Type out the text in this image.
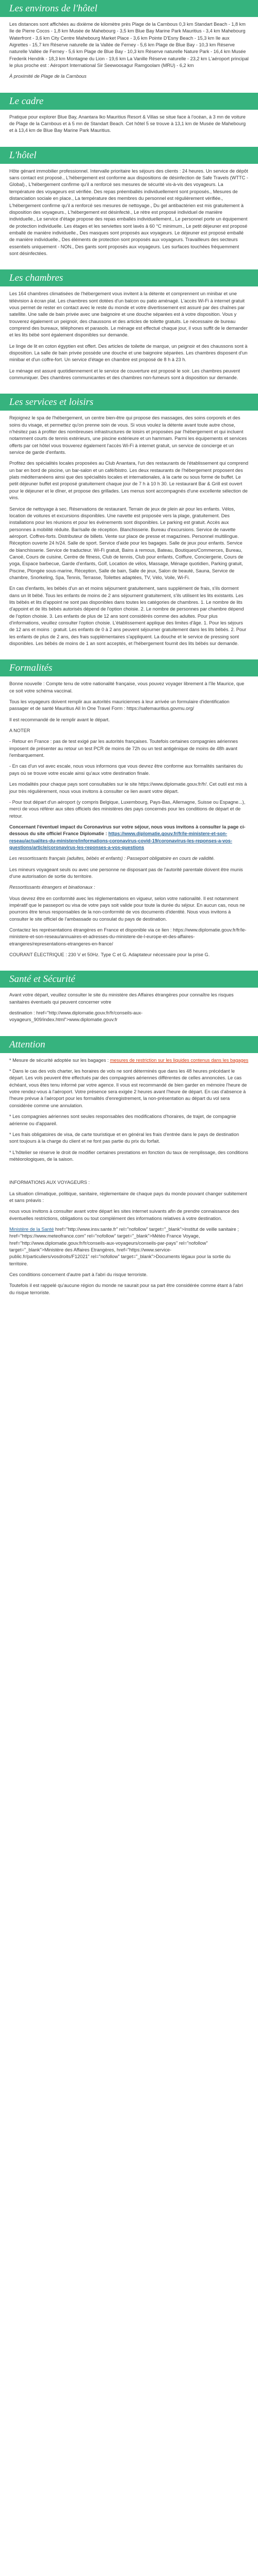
Les environs de l'hôtel

Les distances sont affichées au dixième de kilomètre près Plage de la Carnbous 0,3 km Standart Beach - 1,8 km Ile de Pierre Cocos - 1,8 km Musée de Mahebourg - 3,5 km Blue Bay Marine Park Mauritius - 3,4 km Mahebourg Waterfront - 3,6 km City Centre Mahebourg Market Place - 3,6 km Pointe D'Esny Beach - 15,3 km Ile aux Aigrettes - 15,7 km Réserve naturelle de la Vallée de Ferney - 5,6 km Plage de Blue Bay - 10,3 km Réserve naturelle Vallée de Ferney - 5,6 km Plage de Blue Bay - 10,3 km Réserve naturelle Nature Park - 16,4 km Musée Frederik Hendrik - 18,3 km Montagne du Lion - 19,6 km La Vanille Réserve naturelle - 23,2 km L'aéroport principal le plus proche est : Aéroport International Sir Seewoosagur Ramgoolam (MRU) - 6,2 km

À proximité de Plage de la Carnbous

Le cadre

Pratique pour explorer Blue Bay, Anantara Iko Mauritius Resort & Villas se situe face à l'océan, à 3 mn de voiture de Plage de la Carnbous et à 5 mn de Standart Beach. Cet hôtel 5 se trouve à 13,1 km de Musée de Mahebourg et à 13,4 km de Blue Bay Marine Park Mauritius.

L'hôtel

Hôte génant immobilier professionnel. Intervalle prioritaire les séjours des clients : 24 heures. Un service de dépôt sans contact est proposé., L'hébergement est conforme aux dispositions de désinfection de Safe Travels (WTTC - Global)., L'hébergement confirme qu'il a renforcé ses mesures de sécurité vis-à-vis des voyageurs. La température des voyageurs est vérifiée. Des repas préemballés individuellement sont proposés., Mesures de distanciation sociale en place., La température des membres du personnel est régulièrement vérifiée., L'hébergement confirme qu'il a renforcé ses mesures de nettoyage., Du gel antibactérien est mis gratuitement à disposition des voyageurs., L'hébergement est désinfecté., Le rétre est proposé individuel de manière individuelle., Le service d'étage propose des repas emballés individuellement., Le personnel porte un équipement de protection individuelle. Les étages et les serviettes sont lavés à 60 °C minimum., Le petit déjeuner est proposé emballé de manière individuelle., Des masques sont proposés aux voyageurs. Le déjeuner est proposé emballé de manière individuelle., Des éléments de protection sont proposés aux voyageurs. Travailleurs des secteurs essentiels uniquement - NON., Des gants sont proposés aux voyageurs. Les surfaces touchées fréquemment sont désinfectées.

Les chambres

Les 164 chambres climatisées de l'hébergement vous invitent à la détente et comprennent un minibar et une télévision à écran plat. Les chambres sont dotées d'un balcon ou patio aménagé. L'accès Wi-Fi à internet gratuit vous permet de rester en contact avec le reste du monde et votre divertissement est assuré par des chaînes par satellite. Une salle de bain privée avec une baignoire et une douche séparées est à votre disposition. Vous y trouverez également un peignoir, des chaussons et des articles de toilette gratuits. Le nécessaire de bureau comprend des bureaux, téléphones et parasols. Le ménage est effectué chaque jour, il vous suffit de le demander et les lits bébé sont également disponibles sur demande.

Le linge de lit en coton égyptien est offert. Des articles de toilette de marque, un peignoir et des chaussons sont à disposition. La salle de bain privée possède une douche et une baignoire séparées. Les chambres disposent d'un minibar et d'un coffre-fort. Un service d'étage en chambre est proposé de 8 h à 23 h.

Le ménage est assuré quotidiennement et le service de couverture est proposé le soir. Les chambres peuvent communiquer. Des chambres communicantes et des chambres non-fumeurs sont à disposition sur demande.

Les services et loisirs

Rejoignez le spa de l'hébergement, un centre bien-être qui propose des massages, des soins corporels et des soins du visage, et permettez qu'on prenne soin de vous. Si vous voulez la détente avant toute autre chose, n'hésitez pas à profiter des nombreuses infrastructures de loisirs et proposées par l'hébergement et qui incluent notamment courts de tennis extérieurs, une piscine extérieure et un hammam. Parmi les équipements et services offerts par cet hôtel vous trouverez également l'accès Wi-Fi à internet gratuit, un service de concierge et un service de garde d'enfants.

Profitez des spécialités locales proposées au Club Anantara, l'un des restaurants de l'établissement qui comprend un bar en bord de piscine, un bar-salon et un café/bistro. Les deux restaurants de l'hébergement proposent des plats méditerranéens ainsi que des spécialités locales et internationales, à la carte ou sous forme de buffet. Le petit déjeuner buffet est proposé gratuitement chaque jour de 7 h à 10 h 30. Le restaurant Bar & Grill est ouvert pour le déjeuner et le dîner, et propose des grillades. Les menus sont accompagnés d'une excellente sélection de vins.

Service de nettoyage à sec. Réservations de restaurant. Terrain de jeux de plein air pour les enfants. Vélos, location de voitures et excursions disponibles. Une navette est proposée vers la plage, gratuitement. Des installations pour les réunions et pour les événements sont disponibles. Le parking est gratuit. Accès aux personnes à mobilité réduite. Bar/salle de réception. Blanchisserie. Bureau d'excursions. Service de navette aéroport. Coffres-forts. Distributeur de billets. Vente sur place de presse et magazines. Personnel multilingue. Réception ouverte 24 h/24. Salle de sport. Service d'aide pour les bagages. Salle de jeux pour enfants. Service de blanchisserie. Service de traducteur. Wi-Fi gratuit, Bains à remous, Bateau, Boutiques/Commerces, Bureau, Canoë, Cours de cuisine, Centre de fitness, Club de tennis, Club pour enfants, Coiffure, Conciergerie, Cours de yoga, Espace barbecue, Garde d'enfants, Golf, Location de vélos, Massage, Ménage quotidien, Parking gratuit, Piscine, Plongée sous-marine, Réception, Salle de bain, Salle de jeux, Salon de beauté, Sauna, Service de chambre, Snorkeling, Spa, Tennis, Terrasse, Toilettes adaptées, TV, Vélo, Voile, Wi-Fi.

En cas d'enfants, les bébés d'un an et moins séjournent gratuitement, sans supplément de frais, s'ils dorment dans un lit bébé. Tous les enfants de moins de 2 ans séjournent gratuitement, s'ils utilisent les lits existants. Les lits bébés et lits d'appoint ne sont pas disponibles dans toutes les catégories de chambres. 1. Le nombre de lits d'appoint et de lits bébés autorisés dépend de l'option choisie. 2. Le nombre de personnes par chambre dépend de l'option choisie. 3. Les enfants de plus de 12 ans sont considérés comme des adultes. Pour plus d'informations, veuillez consulter l'option choisie. L'établissement applique des limites d'âge. 1. Pour les séjours de 12 ans et moins : gratuit. Les enfants de 0 à 2 ans peuvent séjourner gratuitement dans les lits bébés. 2. Pour les enfants de plus de 2 ans, des frais supplémentaires s'appliquent. La douche et le service de pressing sont disponibles. Les bébés de moins de 1 an sont acceptés, et l'hébergement fournit des lits bébés sur demande.

Formalités

Bonne nouvelle : Compte tenu de votre nationalité française, vous pouvez voyager librement à l'île Maurice, que ce soit votre schéma vaccinal.

Tous les voyageurs doivent remplir aux autorités mauriciennes à leur arrivée un formulaire d'identification passager et de santé Mauritius All In One Travel Form : https://safemauritius.govmu.org/

Il est recommandé de le remplir avant le départ.

A NOTER

- Retour en France : pas de test exigé par les autorités françaises. Toutefois certaines compagnies aériennes imposent de présenter au retour un test PCR de moins de 72h ou un test antigénique de moins de 48h avant l'embarquement.

- En cas d'un vol avec escale, nous vous informons que vous devrez être conforme aux formalités sanitaires du pays où se trouve votre escale ainsi qu'aux votre destination finale.

Les modalités pour chaque pays sont consultables sur le site https://www.diplomatie.gouv.fr/fr/. Cet outil est mis à jour très régulièrement, nous vous invitons à consulter ce lien avant votre départ.

- Pour tout départ d'un aéroport (y compris Belgique, Luxembourg, Pays-Bas, Allemagne, Suisse ou Espagne...), merci de vous référer aux sites officiels des ministères des pays concernés pour les conditions de départ et de retour.

Concernant l'éventuel impact du Coronavirus sur votre séjour, nous vous invitons à consulter la page ci-dessous du site officiel France Diplomatie : https://www.diplomatie.gouv.fr/fr/le-ministere-et-son-reseau/actualites-du-ministere/informations-coronavirus-covid-19/coronavirus-les-reponses-a-vos-questions/article/coronavirus-les-reponses-a-vos-questions

Les ressortissants français (adultes, bébés et enfants) : Passeport obligatoire en cours de validité.

Les mineurs voyageant seuls ou avec une personne ne disposant pas de l'autorité parentale doivent être munis d'une autorisation de sortie du territoire.

Ressortissants étrangers et binationaux :

Vous devrez être en conformité avec les réglementations en vigueur, selon votre nationalité. Il est notamment impératif que le passeport ou visa de votre pays soit valide pour toute la durée du séjour. En aucun cas, nous ne pourrons être tenus responsables de la non-conformité de vos documents d'identité. Nous vous invitons à consulter le site officiel de l'ambassade ou consulat du pays de destination.

Contactez les représentations étrangères en France et disponible via ce lien : https://www.diplomatie.gouv.fr/fr/le-ministere-et-son-reseau/annuaires-et-adresses-du-ministere-de-l-europe-et-des-affaires-etrangeres/representations-etrangeres-en-france/

COURANT ÉLECTRIQUE : 230 V et 50Hz. Type C et G. Adaptateur nécessaire pour la prise G.

Santé et Sécurité

Avant votre départ, veuillez consulter le site du ministère des Affaires étrangères pour connaître les risques sanitaires éventuels qui peuvent concerner votre

destination : href="http://www.diplomatie.gouv.fr/fr/conseils-aux-voyageurs_909/index.html">www.diplomatie.gouv.fr

Attention

* Mesure de sécurité adoptée sur les bagages : mesures de restriction sur les liquides contenus dans les bagages

* Dans le cas des vols charter, les horaires de vols ne sont déterminés que dans les 48 heures précédant le départ. Les vols peuvent être effectués par des compagnies aériennes différentes de celles annoncées. Le cas échéant, vous êtes tenu informé par votre agence. Il vous est recommandé de bien garder en mémoire l'heure de votre rendez-vous à l'aéroport. Votre présence sera exigée 2 heures avant l'heure de départ. En cas d'absence à l'heure prévue à l'aéroport pour les formalités d'enregistrement, la non-présentation au départ du vol sera considérée comme une annulation.

* Les compagnies aériennes sont seules responsables des modifications d'horaires, de trajet, de compagnie aérienne ou d'appareil.

* Les frais obligatoires de visa, de carte touristique et en général les frais d'entrée dans le pays de destination sont toujours à la charge du client et ne font pas partie du prix du forfait.

* L'hôtelier se réserve le droit de modifier certaines prestations en fonction du taux de remplissage, des conditions météorologiques, de la saison.

INFORMATIONS AUX VOYAGEURS :

La situation climatique, politique, sanitaire, réglementaire de chaque pays du monde pouvant changer subitement et sans préavis :

nous vous invitons à consulter avant votre départ les sites internet suivants afin de prendre connaissance des éventuelles restrictions, obligations ou tout complément des informations relatives à votre destination.

Ministère de la Santé href="http://www.insv.sante.fr" rel="nofollow" target="_blank">Institut de veille sanitaire ; href="https://www.meteofrance.com" rel="nofollow" target="_blank">Météo France Voyage, href="http://www.diplomatie.gouv.fr/fr/conseils-aux-voyageurs/conseils-par-pays" rel="nofollow" target="_blank">Ministère des Affaires Etrangères, href="https://www.service-public.fr/particuliers/vosdroits/F12021" rel="nofollow" target="_blank">Documents légaux pour la sortie du territoire.

Ces conditions concernent d'autre part à l'abri du risque terroriste.

Toutefois il est rappelé qu'aucune région du monde ne saurait pour sa part être considérée comme étant à l'abri du risque terroriste.
